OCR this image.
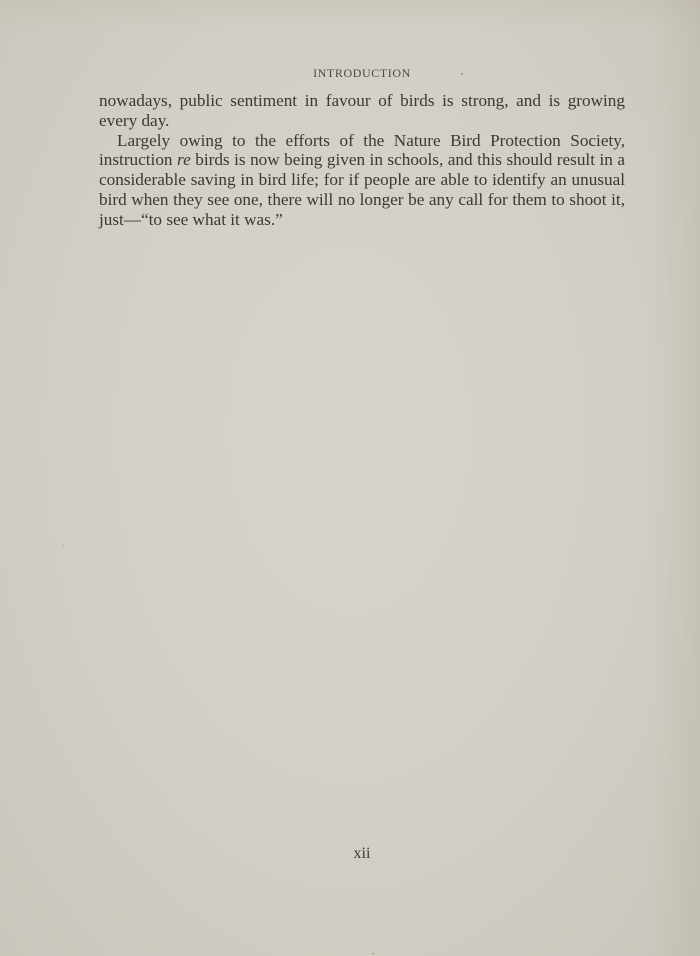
INTRODUCTION

nowadays, public sentiment in favour of birds is strong, and is growing every day.

Largely owing to the efforts of the Nature Bird Protection Society, instruction re birds is now being given in schools, and this should result in a considerable saving in bird life; for if people are able to identify an unusual bird when they see one, there will no longer be any call for them to shoot it, just—“to see what it was.”

xii
